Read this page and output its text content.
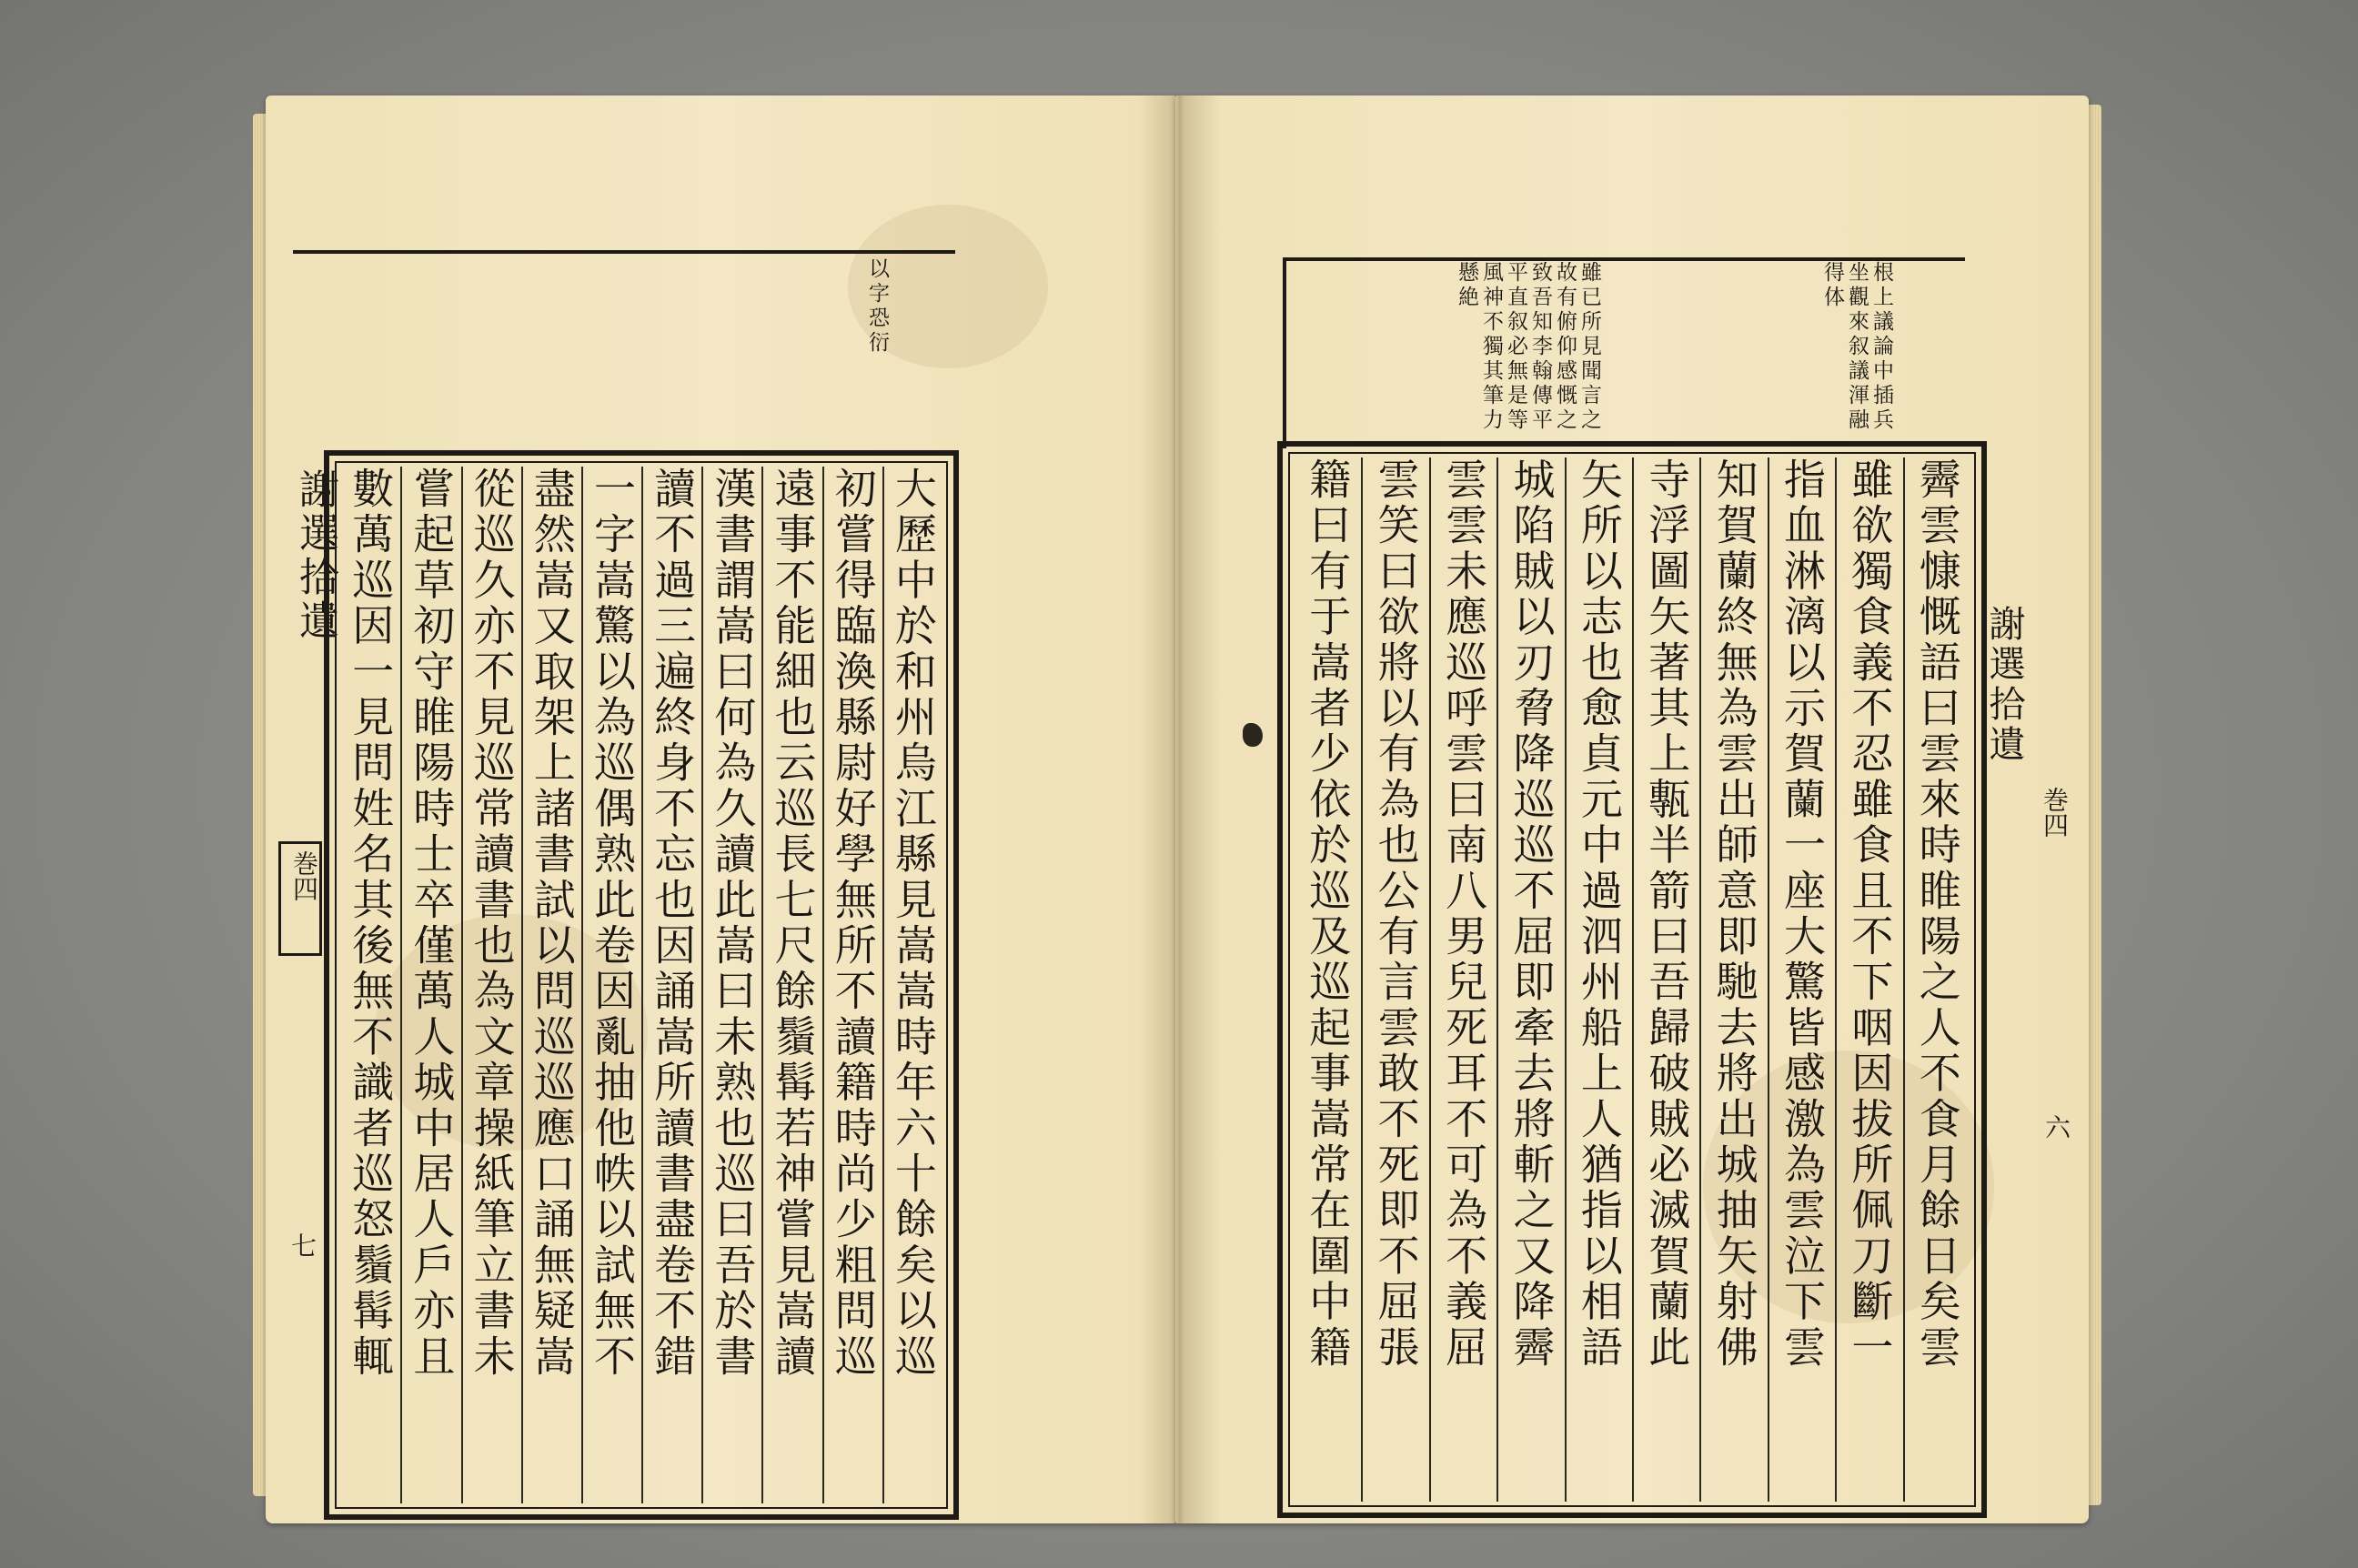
以字恐衍
謝選拾遺
巻四
七	大歷中於和州烏江縣見嵩嵩時年六十餘矣以巡
初嘗得臨渙縣尉好學無所不讀籍時尚少粗問巡
遠事不能細也云巡長七尺餘鬚髯若神嘗見嵩讀
漢書謂嵩曰何為久讀此嵩曰未熟也巡曰吾於書
讀不過三遍終身不忘也因誦嵩所讀書盡卷不錯
一字嵩驚以為巡偶熟此卷因亂抽他帙以試無不
盡然嵩又取架上諸書試以問巡巡應口誦無疑嵩
從巡久亦不見巡常讀書也為文章操紙筆立書未
嘗起草初守睢陽時士卒僅萬人城中居人戶亦且
數萬巡因一見問姓名其後無不識者巡怒鬚髯輒
根上議論中插兵
坐觀來叙議渾融
得体
雖已所見聞言之
故有俯仰感慨之
致吾知李翰傳平
平直叙必無是等
風神不獨其筆力
懸絶
霽雲慷慨語曰雲來時睢陽之人不食月餘日矣雲
雖欲獨食義不忍雖食且不下咽因拔所佩刀斷一
指血淋漓以示賀蘭一座大驚皆感激為雲泣下雲
知賀蘭終無為雲出師意即馳去將出城抽矢射佛
寺浮圖矢著其上甎半箭曰吾歸破賊必滅賀蘭此
矢所以志也愈貞元中過泗州船上人猶指以相語
城陷賊以刃脅降巡巡不屈即牽去將斬之又降霽
雲雲未應巡呼雲曰南八男兒死耳不可為不義屈
雲笑曰欲將以有為也公有言雲敢不死即不屈張
籍曰有于嵩者少依於巡及巡起事嵩常在圍中籍	謝選拾遺
巻四
六
